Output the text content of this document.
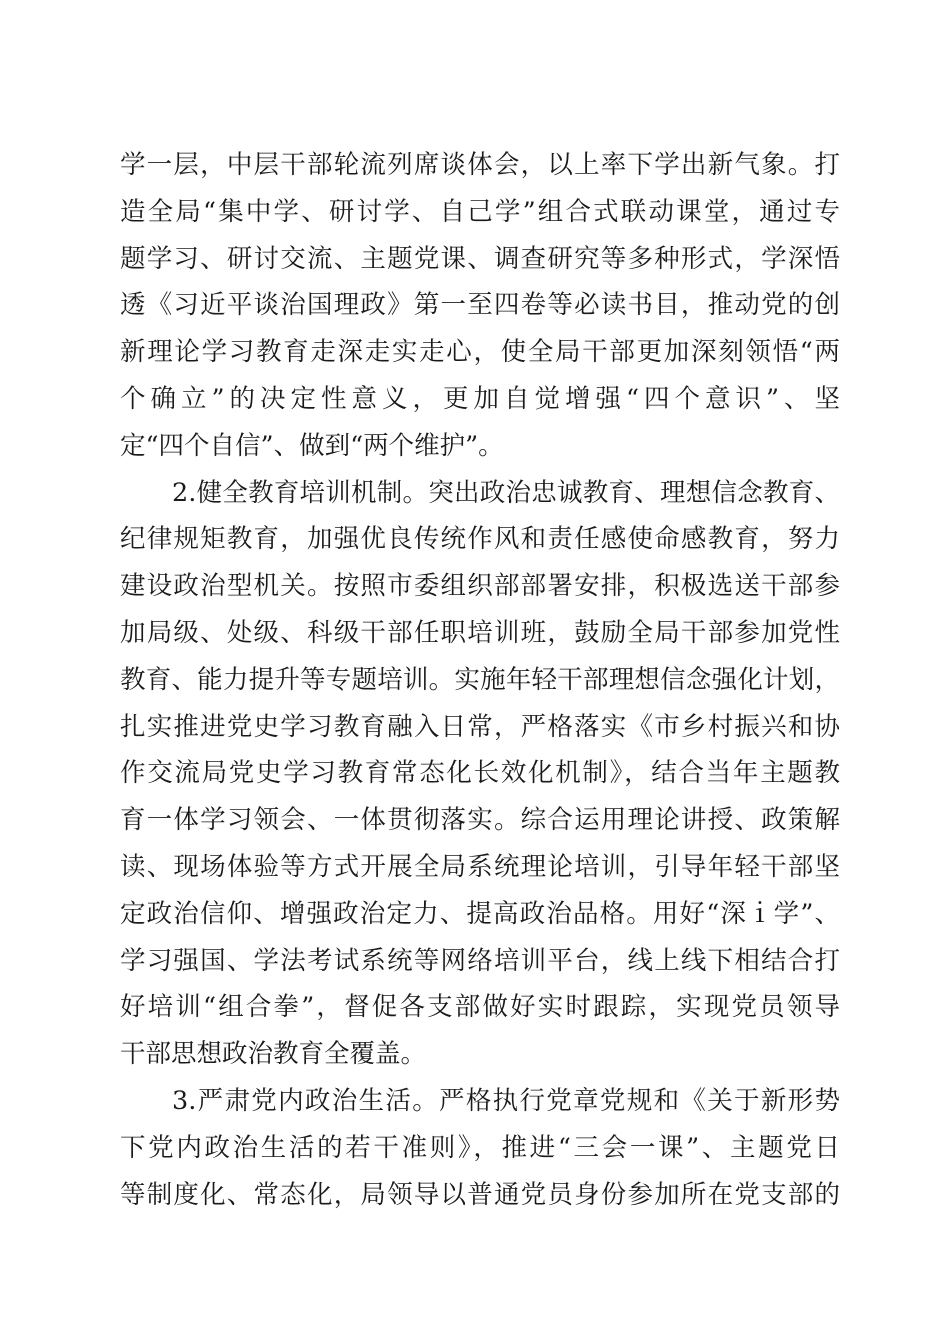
学一层，中层干部轮流列席谈体会，以上率下学出新气象。打
造全局“集中学、研讨学、自己学”组合式联动课堂，通过专
题学习、研讨交流、主题党课、调查研究等多种形式，学深悟
透《习近平谈治国理政》第一至四卷等必读书目，推动党的创
新理论学习教育走深走实走心，使全局干部更加深刻领悟“两
个确立”的决定性意义，更加自觉增强“四个意识”、坚
定“四个自信”、做到“两个维护”。
2.健全教育培训机制。突出政治忠诚教育、理想信念教育、
纪律规矩教育，加强优良传统作风和责任感使命感教育，努力
建设政治型机关。按照市委组织部部署安排，积极选送干部参
加局级、处级、科级干部任职培训班，鼓励全局干部参加党性
教育、能力提升等专题培训。实施年轻干部理想信念强化计划，
扎实推进党史学习教育融入日常，严格落实《市乡村振兴和协
作交流局党史学习教育常态化长效化机制》，结合当年主题教
育一体学习领会、一体贯彻落实。综合运用理论讲授、政策解
读、现场体验等方式开展全局系统理论培训，引导年轻干部坚
定政治信仰、增强政治定力、提高政治品格。用好“深ｉ学”、
学习强国、学法考试系统等网络培训平台，线上线下相结合打
好培训“组合拳”，督促各支部做好实时跟踪，实现党员领导
干部思想政治教育全覆盖。
3.严肃党内政治生活。严格执行党章党规和《关于新形势
下党内政治生活的若干准则》，推进“三会一课”、主题党日
等制度化、常态化，局领导以普通党员身份参加所在党支部的
